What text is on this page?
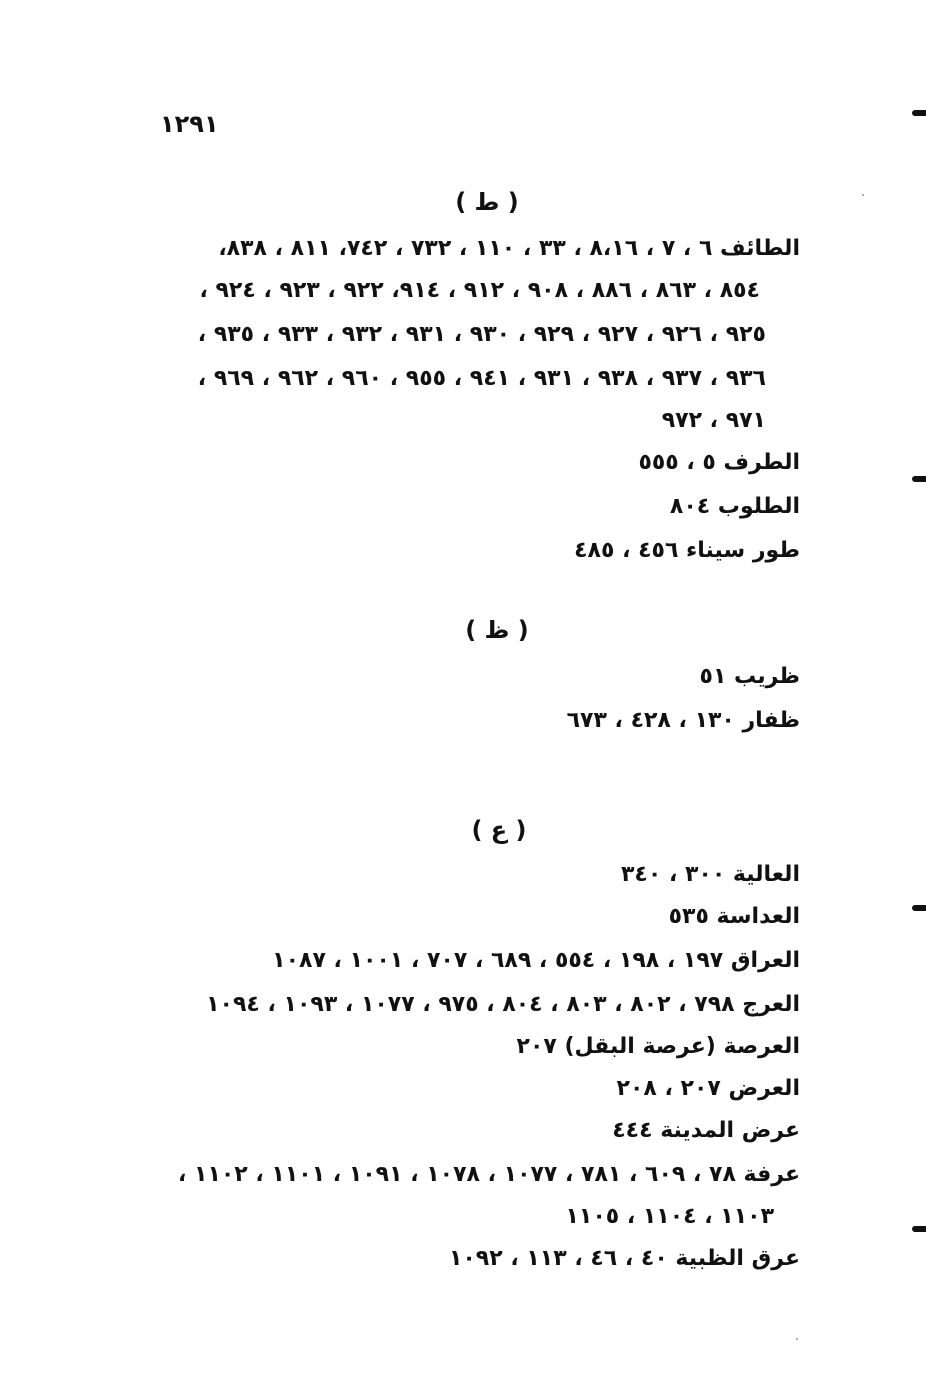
١٢٩١
( ط )
الطائف ٦ ، ٧ ، ٨،١٦ ، ٣٣ ، ١١٠ ، ٧٣٢ ، ٧٤٢، ٨١١ ، ٨٣٨،
٨٥٤ ، ٨٦٣ ، ٨٨٦ ، ٩٠٨ ، ٩١٢ ، ٩١٤، ٩٢٢ ، ٩٢٣ ، ٩٢٤ ،
٩٢٥ ، ٩٢٦ ، ٩٢٧ ، ٩٢٩ ، ٩٣٠ ، ٩٣١ ، ٩٣٢ ، ٩٣٣ ، ٩٣٥ ،
٩٣٦ ، ٩٣٧ ، ٩٣٨ ، ٩٣١ ، ٩٤١ ، ٩٥٥ ، ٩٦٠ ، ٩٦٢ ، ٩٦٩ ،
٩٧١ ، ٩٧٢
الطرف ٥ ، ٥٥٥
الطلوب ٨٠٤
طور سيناء ٤٥٦ ، ٤٨٥
( ظ )
ظريب ٥١
ظفار ١٣٠ ، ٤٢٨ ، ٦٧٣
( ع )
العالية ٣٠٠ ، ٣٤٠
العداسة ٥٣٥
العراق ١٩٧ ، ١٩٨ ، ٥٥٤ ، ٦٨٩ ، ٧٠٧ ، ١٠٠١ ، ١٠٨٧
العرج ٧٩٨ ، ٨٠٢ ، ٨٠٣ ، ٨٠٤ ، ٩٧٥ ، ١٠٧٧ ، ١٠٩٣ ، ١٠٩٤
العرصة (عرصة البقل) ٢٠٧
العرض ٢٠٧ ، ٢٠٨
عرض المدينة ٤٤٤
عرفة ٧٨ ، ٦٠٩ ، ٧٨١ ، ١٠٧٧ ، ١٠٧٨ ، ١٠٩١ ، ١١٠١ ، ١١٠٢ ،
١١٠٣ ، ١١٠٤ ، ١١٠٥
عرق الظبية ٤٠ ، ٤٦ ، ١١٣ ، ١٠٩٢
